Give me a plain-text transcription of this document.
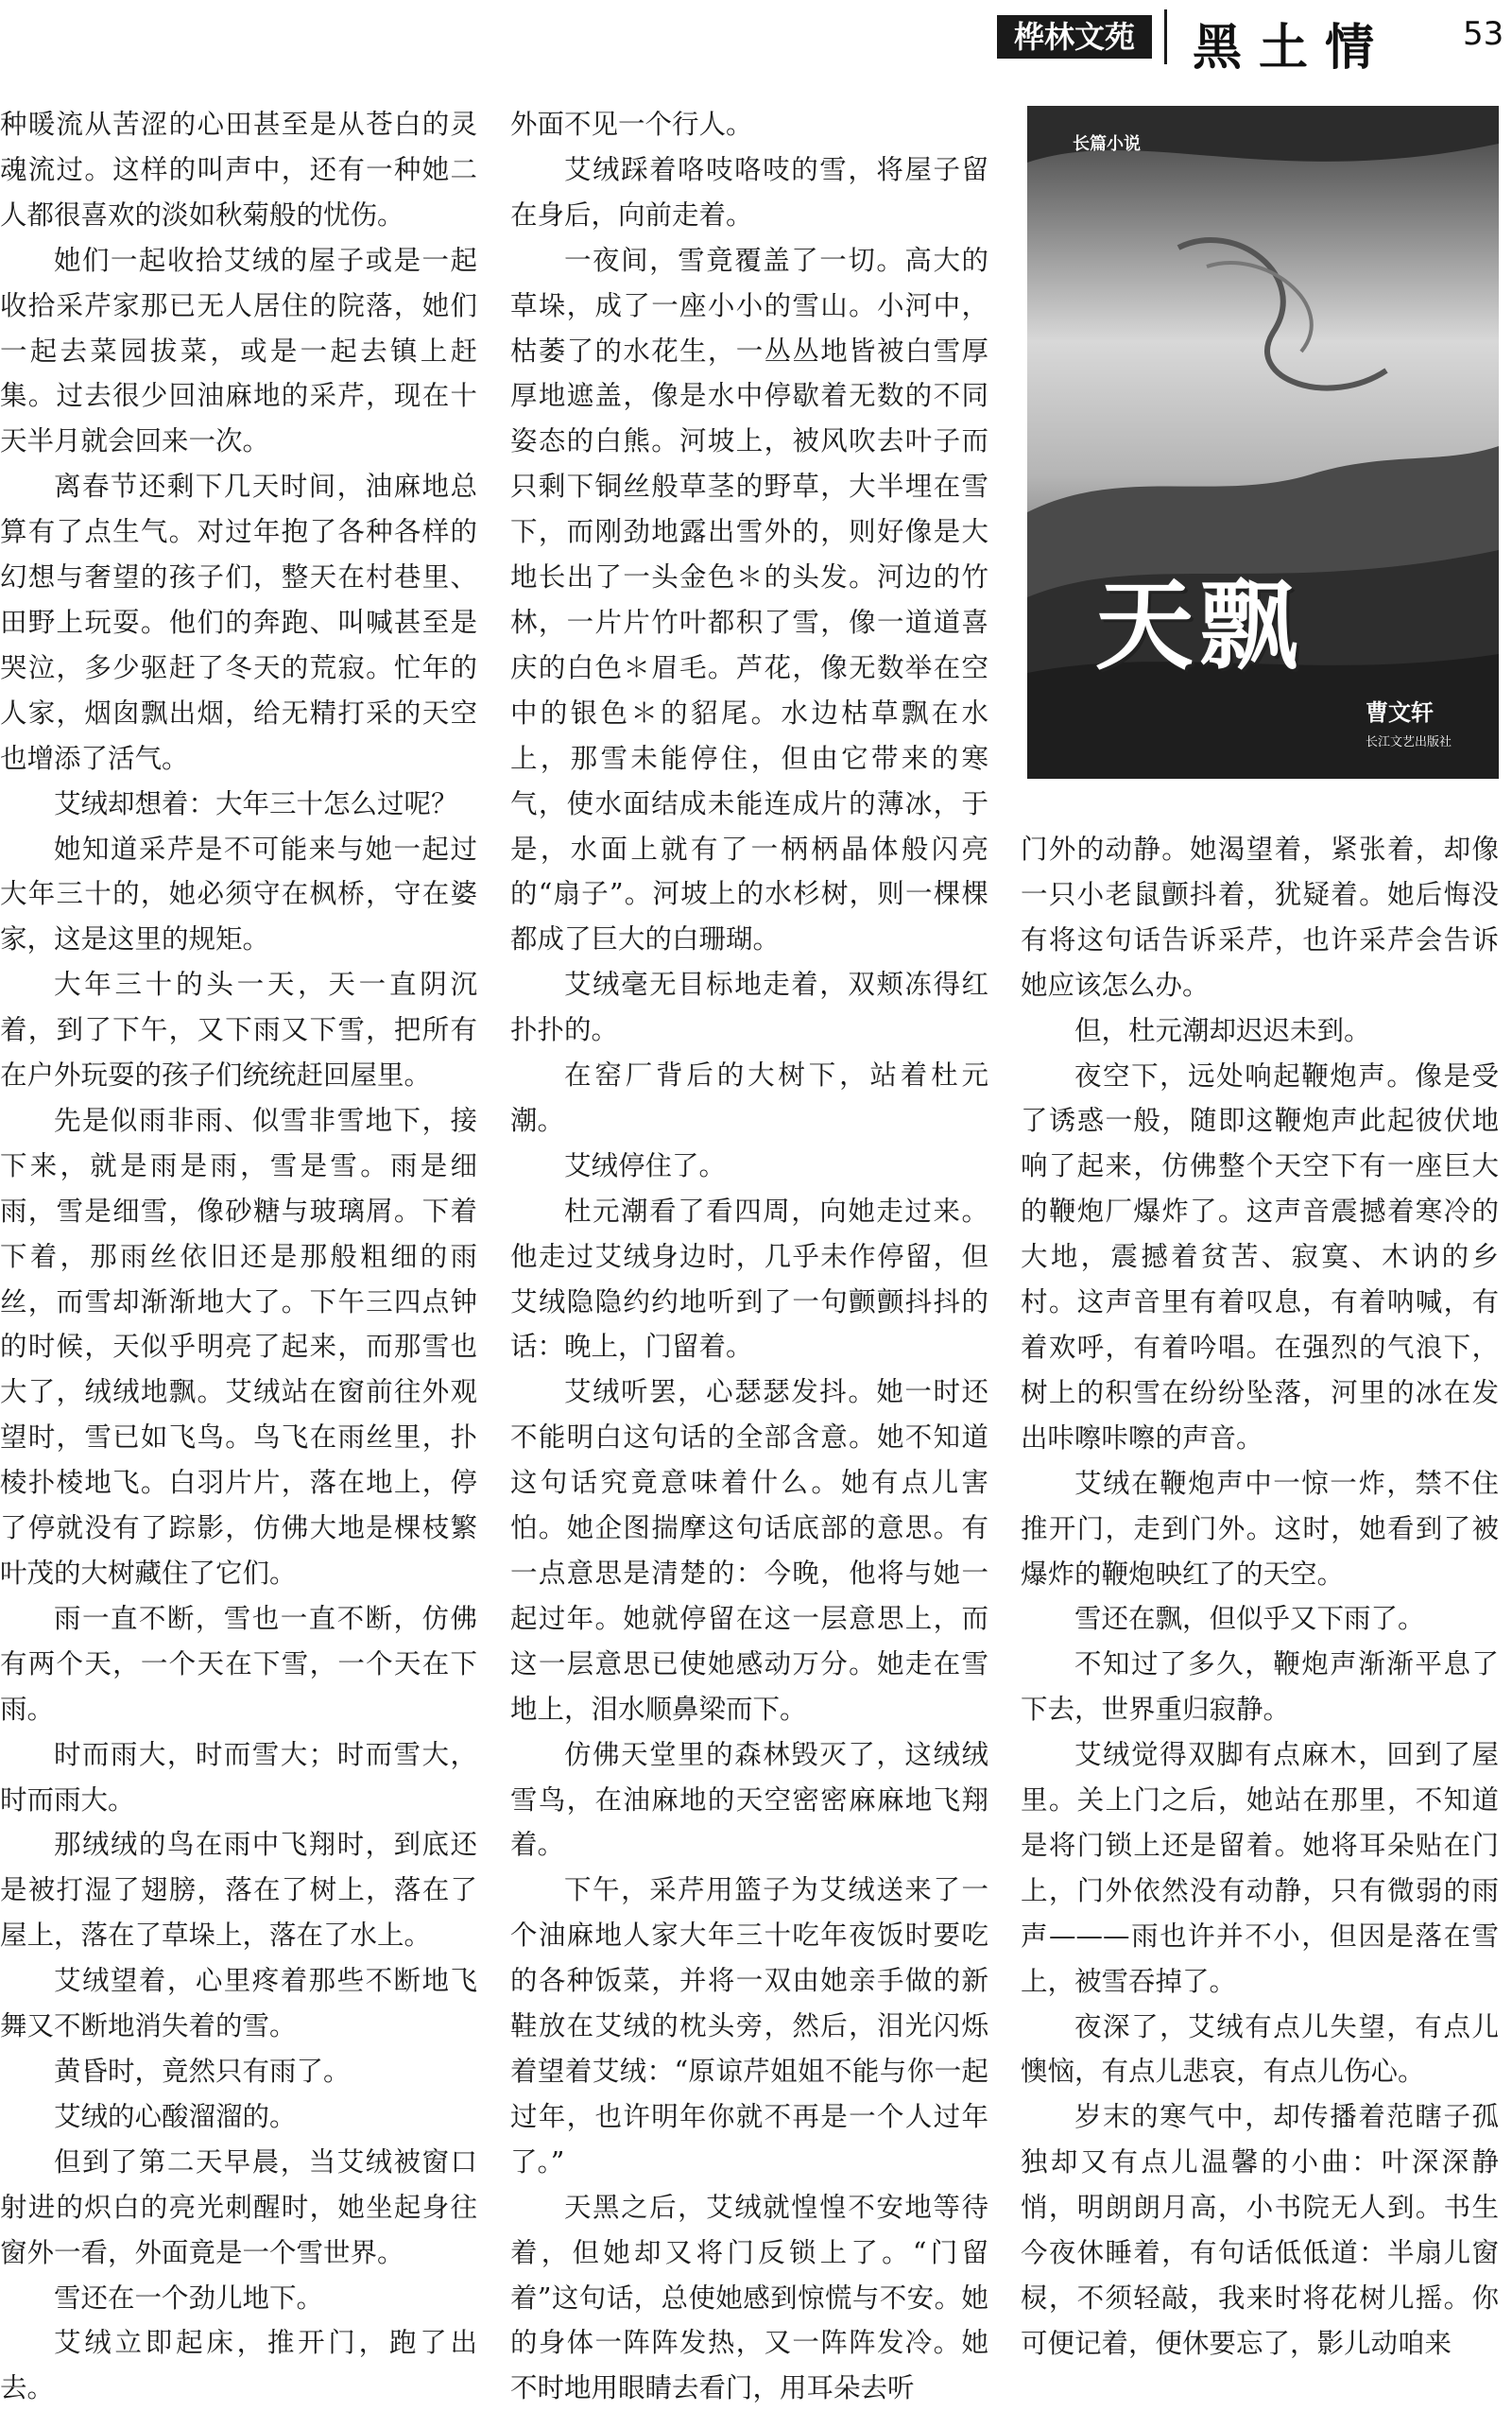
桦林文苑	黑土情 53

种暖流从苦涩的心田甚至是从苍白的灵魂流过。这样的叫声中，还有一种她二人都很喜欢的淡如秋菊般的忧伤。

她们一起收拾艾绒的屋子或是一起收拾采芹家那已无人居住的院落，她们一起去菜园拔菜，或是一起去镇上赶集。过去很少回油麻地的采芹，现在十天半月就会回来一次。

离春节还剩下几天时间，油麻地总算有了点生气。对过年抱了各种各样的幻想与奢望的孩子们，整天在村巷里、田野上玩耍。他们的奔跑、叫喊甚至是哭泣，多少驱赶了冬天的荒寂。忙年的人家，烟囱飘出烟，给无精打采的天空也增添了活气。

艾绒却想着：大年三十怎么过呢？

她知道采芹是不可能来与她一起过大年三十的，她必须守在枫桥，守在婆家，这是这里的规矩。

大年三十的头一天，天一直阴沉着，到了下午，又下雨又下雪，把所有在户外玩耍的孩子们统统赶回屋里。

先是似雨非雨、似雪非雪地下，接下来，就是雨是雨，雪是雪。雨是细雨，雪是细雪，像砂糖与玻璃屑。下着下着，那雨丝依旧还是那般粗细的雨丝，而雪却渐渐地大了。下午三四点钟的时候，天似乎明亮了起来，而那雪也大了，绒绒地飘。艾绒站在窗前往外观望时，雪已如飞鸟。鸟飞在雨丝里，扑棱扑棱地飞。白羽片片，落在地上，停了停就没有了踪影，仿佛大地是棵枝繁叶茂的大树藏住了它们。

雨一直不断，雪也一直不断，仿佛有两个天，一个天在下雪，一个天在下雨。

时而雨大，时而雪大；时而雪大，时而雨大。

那绒绒的鸟在雨中飞翔时，到底还是被打湿了翅膀，落在了树上，落在了屋上，落在了草垛上，落在了水上。

艾绒望着，心里疼着那些不断地飞舞又不断地消失着的雪。

黄昏时，竟然只有雨了。

艾绒的心酸溜溜的。

但到了第二天早晨，当艾绒被窗口射进的炽白的亮光刺醒时，她坐起身往窗外一看，外面竟是一个雪世界。

雪还在一个劲儿地下。

艾绒立即起床，推开门，跑了出去。

外面不见一个行人。

艾绒踩着咯吱咯吱的雪，将屋子留在身后，向前走着。

一夜间，雪竟覆盖了一切。高大的草垛，成了一座小小的雪山。小河中，枯萎了的水花生，一丛丛地皆被白雪厚厚地遮盖，像是水中停歇着无数的不同姿态的白熊。河坡上，被风吹去叶子而只剩下铜丝般草茎的野草，大半埋在雪下，而刚劲地露出雪外的，则好像是大地长出了一头金色＊的头发。河边的竹林，一片片竹叶都积了雪，像一道道喜庆的白色＊眉毛。芦花，像无数举在空中的银色＊的貂尾。水边枯草飘在水上，那雪未能停住，但由它带来的寒气，使水面结成未能连成片的薄冰，于是，水面上就有了一柄柄晶体般闪亮的“扇子”。河坡上的水杉树，则一棵棵都成了巨大的白珊瑚。

艾绒毫无目标地走着，双颊冻得红扑扑的。

在窑厂背后的大树下，站着杜元潮。

艾绒停住了。

杜元潮看了看四周，向她走过来。他走过艾绒身边时，几乎未作停留，但艾绒隐隐约约地听到了一句颤颤抖抖的话：晚上，门留着。

艾绒听罢，心瑟瑟发抖。她一时还不能明白这句话的全部含意。她不知道这句话究竟意味着什么。她有点儿害怕。她企图揣摩这句话底部的意思。有一点意思是清楚的：今晚，他将与她一起过年。她就停留在这一层意思上，而这一层意思已使她感动万分。她走在雪地上，泪水顺鼻梁而下。

仿佛天堂里的森林毁灭了，这绒绒雪鸟，在油麻地的天空密密麻麻地飞翔着。

下午，采芹用篮子为艾绒送来了一个油麻地人家大年三十吃年夜饭时要吃的各种饭菜，并将一双由她亲手做的新鞋放在艾绒的枕头旁，然后，泪光闪烁着望着艾绒：“原谅芹姐姐不能与你一起过年，也许明年你就不再是一个人过年了。”

天黑之后，艾绒就惶惶不安地等待着，但她却又将门反锁上了。“门留着”这句话，总使她感到惊慌与不安。她的身体一阵阵发热，又一阵阵发冷。她不时地用眼睛去看门，用耳朵去听

长篇小说
天飘
曹文轩
长江文艺出版社

门外的动静。她渴望着，紧张着，却像一只小老鼠颤抖着，犹疑着。她后悔没有将这句话告诉采芹，也许采芹会告诉她应该怎么办。

但，杜元潮却迟迟未到。

夜空下，远处响起鞭炮声。像是受了诱惑一般，随即这鞭炮声此起彼伏地响了起来，仿佛整个天空下有一座巨大的鞭炮厂爆炸了。这声音震撼着寒冷的大地，震撼着贫苦、寂寞、木讷的乡村。这声音里有着叹息，有着呐喊，有着欢呼，有着吟唱。在强烈的气浪下，树上的积雪在纷纷坠落，河里的冰在发出咔嚓咔嚓的声音。

艾绒在鞭炮声中一惊一炸，禁不住推开门，走到门外。这时，她看到了被爆炸的鞭炮映红了的天空。

雪还在飘，但似乎又下雨了。

不知过了多久，鞭炮声渐渐平息了下去，世界重归寂静。

艾绒觉得双脚有点麻木，回到了屋里。关上门之后，她站在那里，不知道是将门锁上还是留着。她将耳朵贴在门上，门外依然没有动静，只有微弱的雨声———雨也许并不小，但因是落在雪上，被雪吞掉了。

夜深了，艾绒有点儿失望，有点儿懊恼，有点儿悲哀，有点儿伤心。

岁末的寒气中，却传播着范瞎子孤独却又有点儿温馨的小曲：叶深深静悄，明朗朗月高，小书院无人到。书生今夜休睡着，有句话低低道：半扇儿窗棂，不须轻敲，我来时将花树儿摇。你可便记着，便休要忘了，影儿动咱来
